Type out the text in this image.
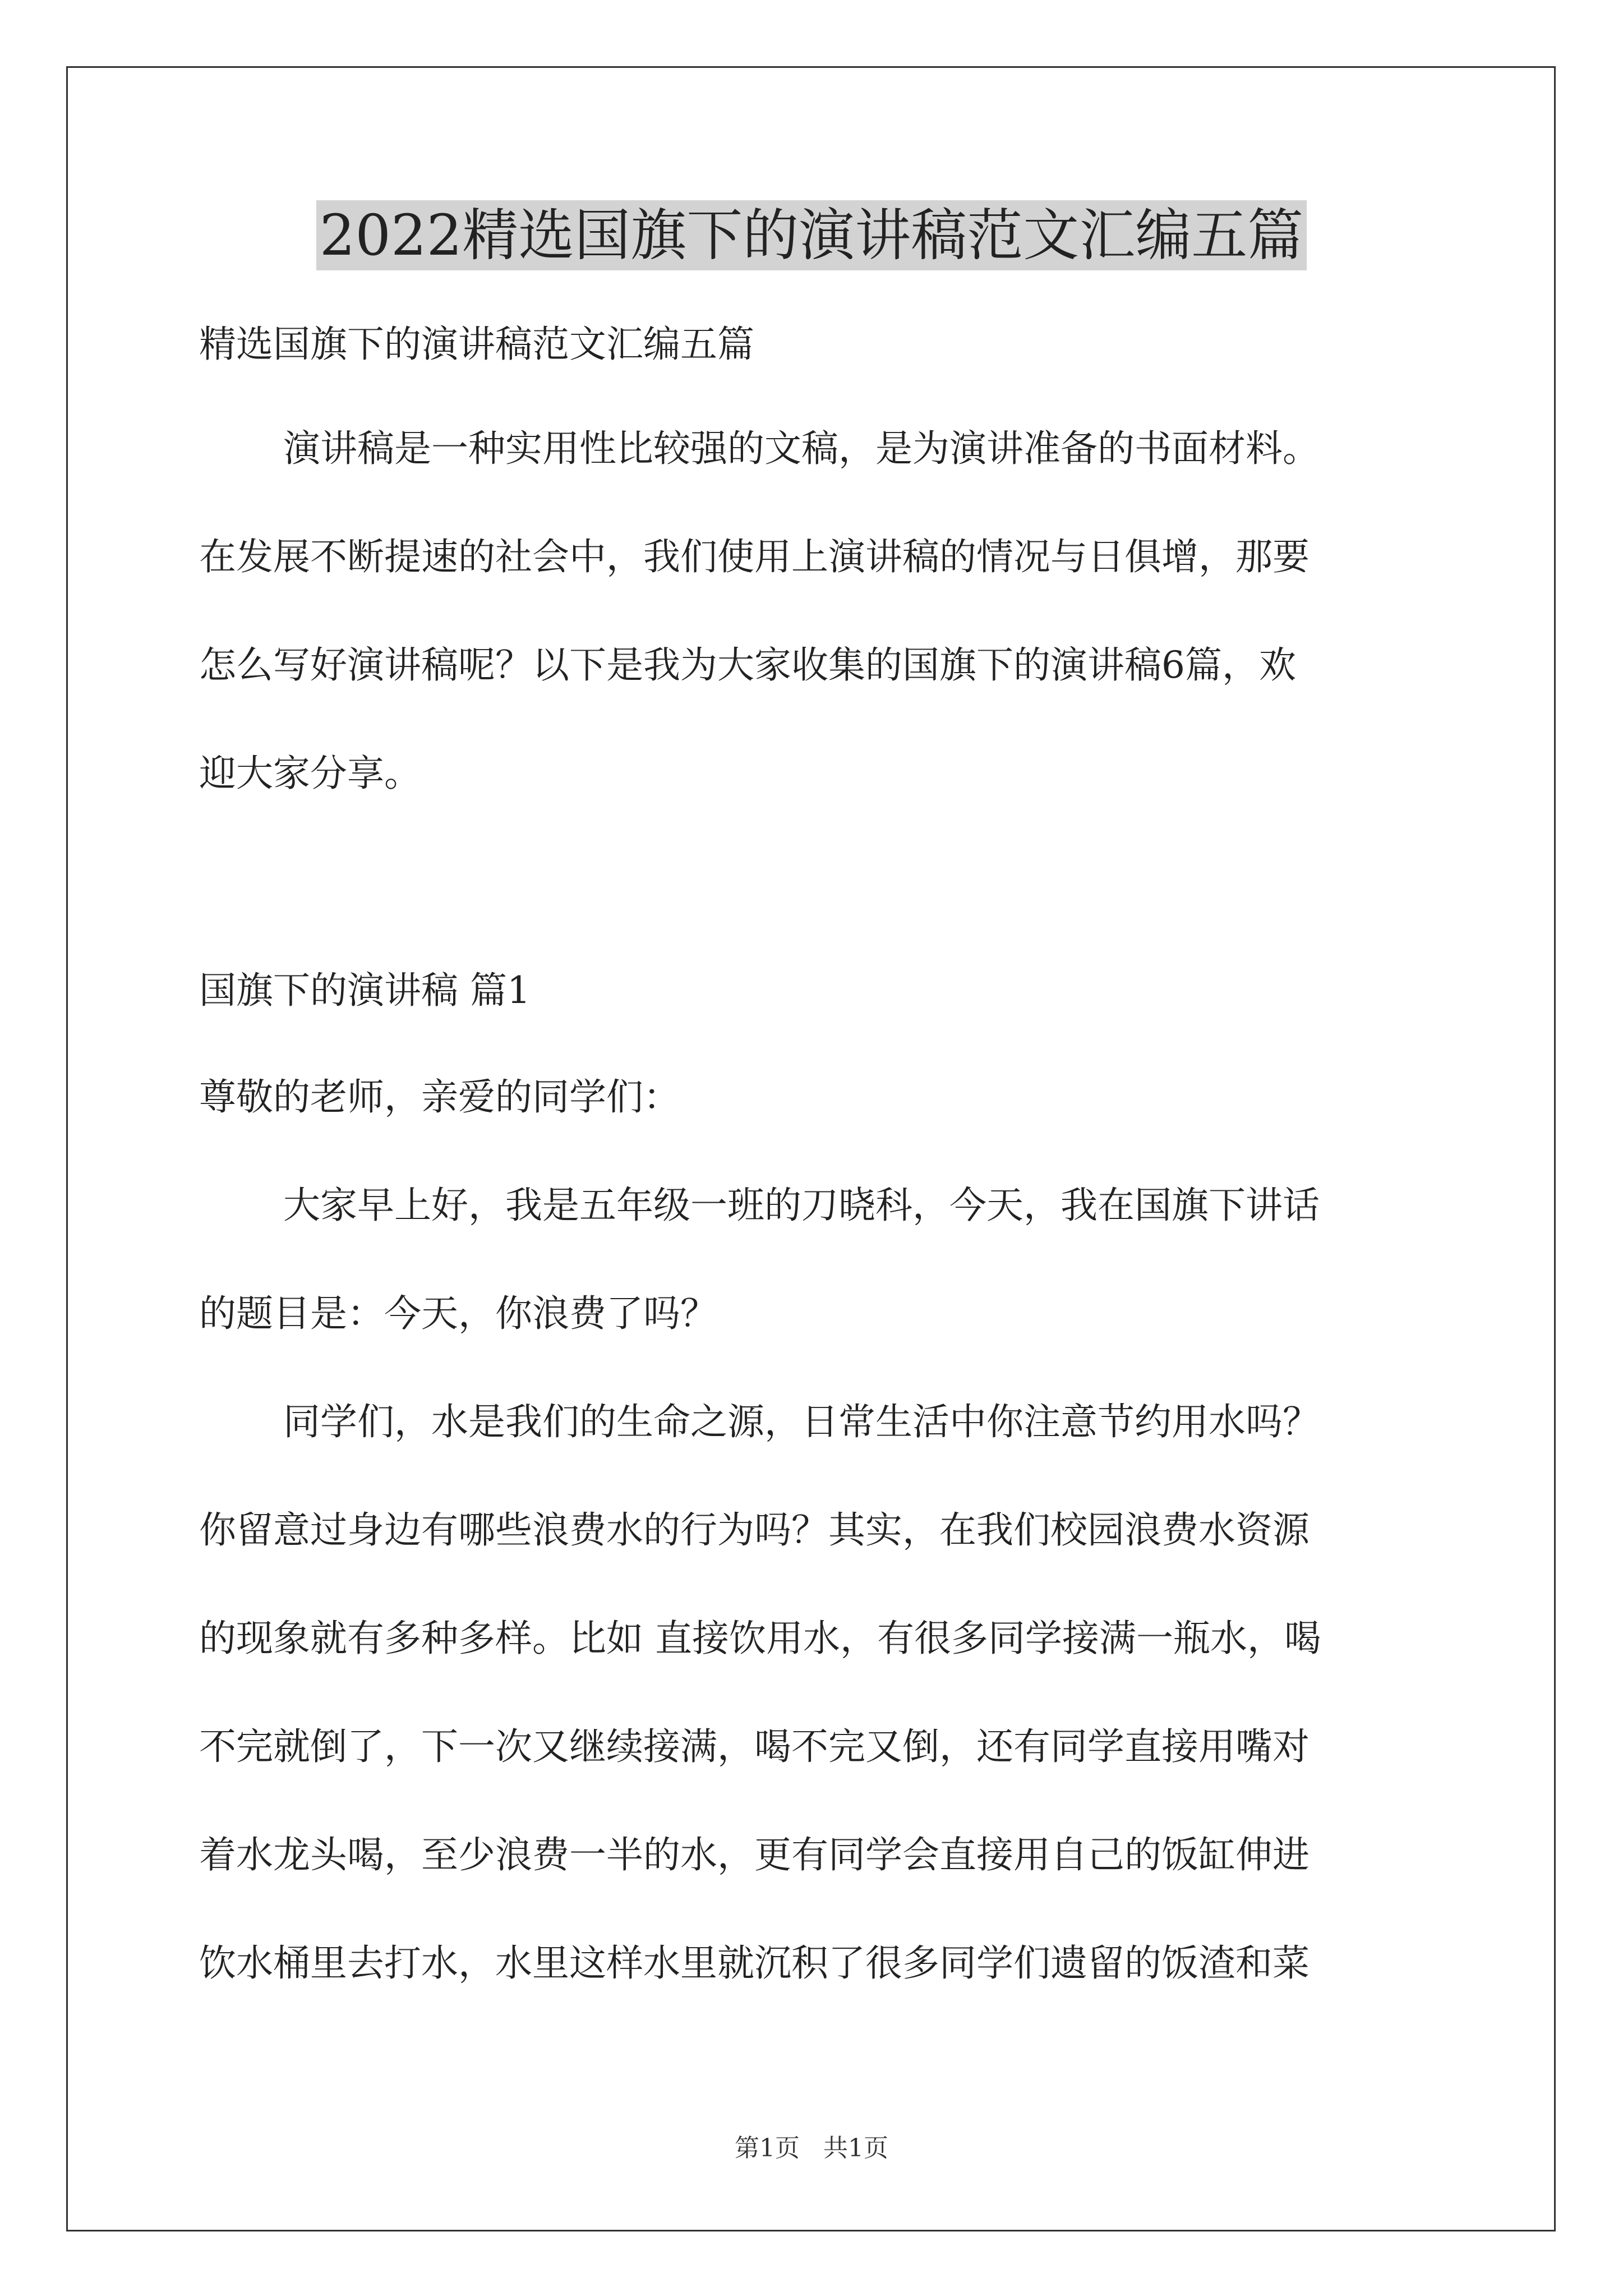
2022精选国旗下的演讲稿范文汇编五篇
精选国旗下的演讲稿范文汇编五篇
演讲稿是一种实用性比较强的文稿，是为演讲准备的书面材料。
在发展不断提速的社会中，我们使用上演讲稿的情况与日俱增，那要
怎么写好演讲稿呢？以下是我为大家收集的国旗下的演讲稿6篇，欢
迎大家分享。
国旗下的演讲稿 篇1
尊敬的老师，亲爱的同学们：
大家早上好，我是五年级一班的刀晓科，今天，我在国旗下讲话
的题目是：今天，你浪费了吗？
同学们，水是我们的生命之源，日常生活中你注意节约用水吗？
你留意过身边有哪些浪费水的行为吗？其实，在我们校园浪费水资源
的现象就有多种多样。比如 直接饮用水，有很多同学接满一瓶水，喝
不完就倒了，下一次又继续接满，喝不完又倒，还有同学直接用嘴对
着水龙头喝，至少浪费一半的水，更有同学会直接用自己的饭缸伸进
饮水桶里去打水，水里这样水里就沉积了很多同学们遗留的饭渣和菜
第1页   共1页
